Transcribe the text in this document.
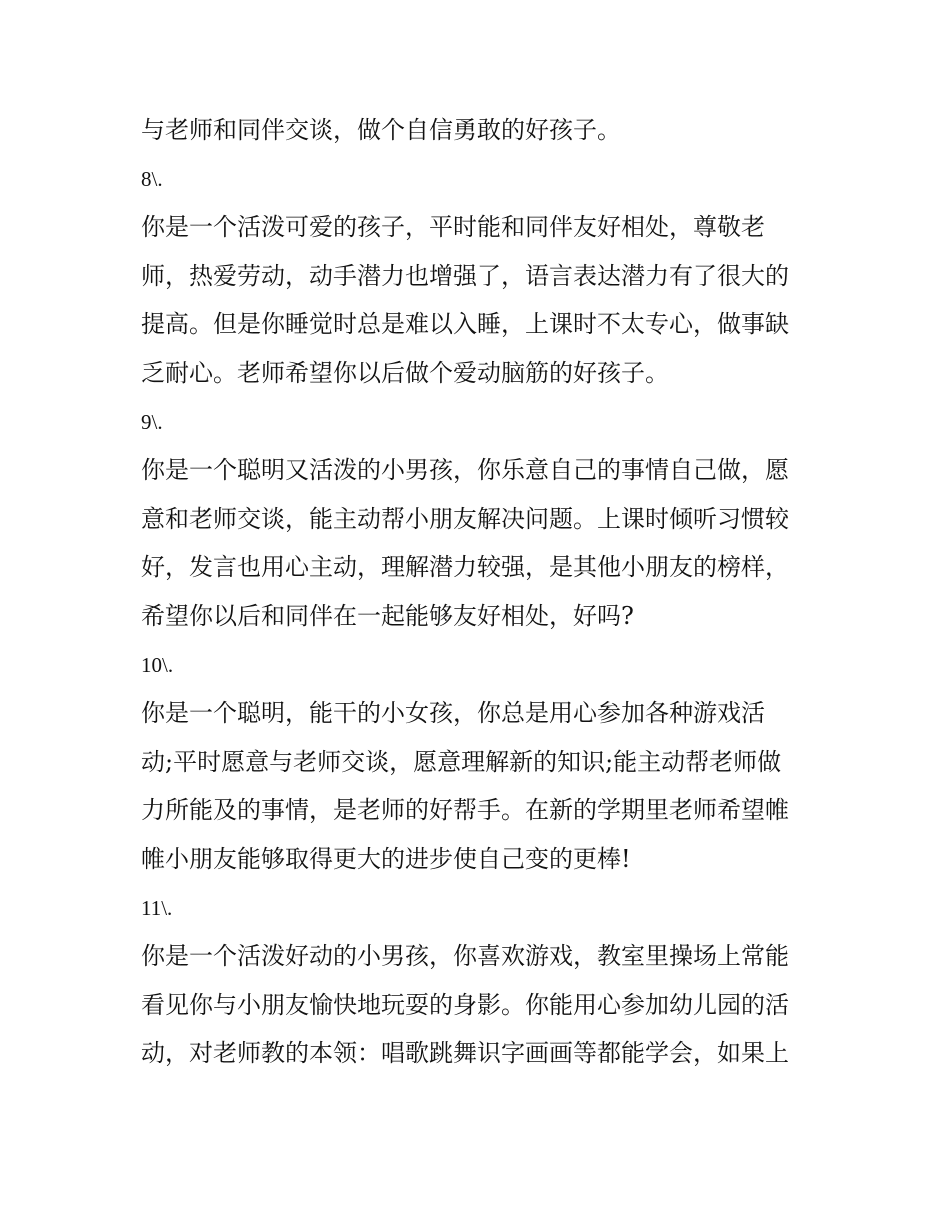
与老师和同伴交谈，做个自信勇敢的好孩子。
8\.
你是一个活泼可爱的孩子，平时能和同伴友好相处，尊敬老
师，热爱劳动，动手潜力也增强了，语言表达潜力有了很大的
提高。但是你睡觉时总是难以入睡，上课时不太专心，做事缺
乏耐心。老师希望你以后做个爱动脑筋的好孩子。
9\.
你是一个聪明又活泼的小男孩，你乐意自己的事情自己做，愿
意和老师交谈，能主动帮小朋友解决问题。上课时倾听习惯较
好，发言也用心主动，理解潜力较强，是其他小朋友的榜样，
希望你以后和同伴在一起能够友好相处，好吗?
10\.
你是一个聪明，能干的小女孩，你总是用心参加各种游戏活
动;平时愿意与老师交谈，愿意理解新的知识;能主动帮老师做
力所能及的事情，是老师的好帮手。在新的学期里老师希望帷
帷小朋友能够取得更大的进步使自己变的更棒!
11\.
你是一个活泼好动的小男孩，你喜欢游戏，教室里操场上常能
看见你与小朋友愉快地玩耍的身影。你能用心参加幼儿园的活
动，对老师教的本领：唱歌跳舞识字画画等都能学会，如果上
